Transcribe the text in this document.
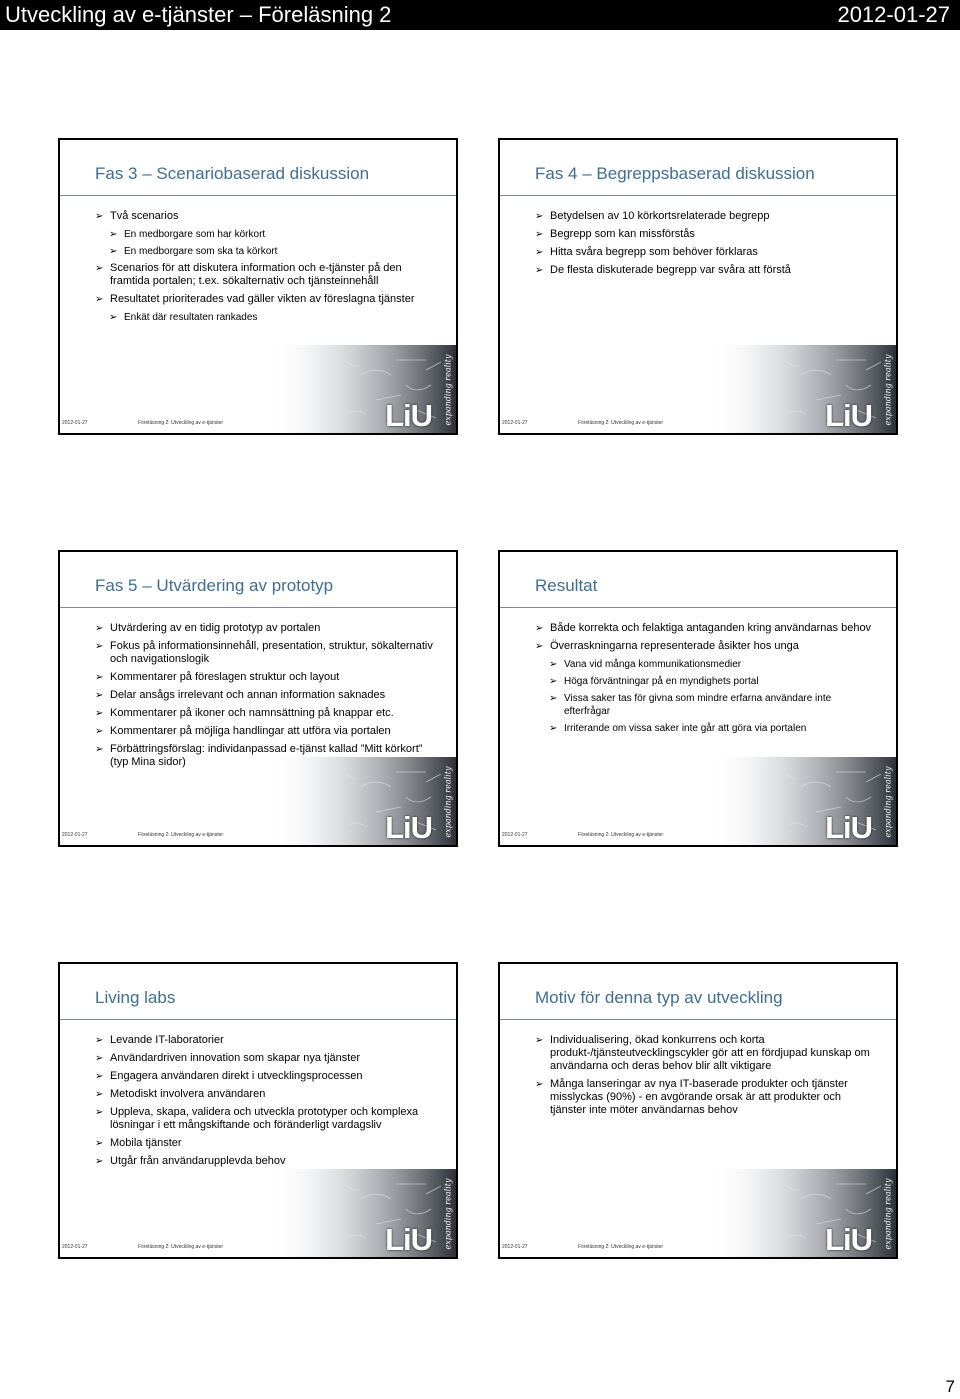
Utveckling av e-tjänster – Föreläsning 2	2012-01-27
Fas 3 – Scenariobaserad diskussion
➢ Två scenarios
➢ En medborgare som har körkort
➢ En medborgare som ska ta körkort
➢ Scenarios för att diskutera information och e-tjänster på den framtida portalen; t.ex. sökalternativ och tjänsteinnehåll
➢ Resultatet prioriterades vad gäller vikten av föreslagna tjänster
➢ Enkät där resultaten rankades
LiU expanding reality
2012-01-27	Föreläsning 2: Utveckling av e-tjänster
Fas 4 – Begreppsbaserad diskussion
➢ Betydelsen av 10 körkortsrelaterade begrepp
➢ Begrepp som kan missförstås
➢ Hitta svåra begrepp som behöver förklaras
➢ De flesta diskuterade begrepp var svåra att förstå
LiU expanding reality
2012-01-27	Föreläsning 2: Utveckling av e-tjänster
Fas 5 – Utvärdering av prototyp
➢ Utvärdering av en tidig prototyp av portalen
➢ Fokus på informationsinnehåll, presentation, struktur, sökalternativ och navigationslogik
➢ Kommentarer på föreslagen struktur och layout
➢ Delar ansågs irrelevant och annan information saknades
➢ Kommentarer på ikoner och namnsättning på knappar etc.
➢ Kommentarer på möjliga handlingar att utföra via portalen
➢ Förbättringsförslag: individanpassad e-tjänst kallad ”Mitt körkort” (typ Mina sidor)
LiU expanding reality
2012-01-27	Föreläsning 2: Utveckling av e-tjänster
Resultat
➢ Både korrekta och felaktiga antaganden kring användarnas behov
➢ Överraskningarna representerade åsikter hos unga
➢ Vana vid många kommunikationsmedier
➢ Höga förväntningar på en myndighets portal
➢ Vissa saker tas för givna som mindre erfarna användare inte efterfrågar
➢ Irriterande om vissa saker inte går att göra via portalen
LiU expanding reality
2012-01-27	Föreläsning 2: Utveckling av e-tjänster
Living labs
➢ Levande IT-laboratorier
➢ Användardriven innovation som skapar nya tjänster
➢ Engagera användaren direkt i utvecklingsprocessen
➢ Metodiskt involvera användaren
➢ Uppleva, skapa, validera och utveckla prototyper och komplexa lösningar i ett mångskiftande och föränderligt vardagsliv
➢ Mobila tjänster
➢ Utgår från användarupplevda behov
LiU expanding reality
2012-01-27	Föreläsning 2: Utveckling av e-tjänster
Motiv för denna typ av utveckling
➢ Individualisering, ökad konkurrens och korta produkt-/tjänsteutvecklingscykler gör att en fördjupad kunskap om användarna och deras behov blir allt viktigare
➢ Många lanseringar av nya IT-baserade produkter och tjänster misslyckas (90%) - en avgörande orsak är att produkter och tjänster inte möter användarnas behov
LiU expanding reality
2012-01-27	Föreläsning 2: Utveckling av e-tjänster
7
